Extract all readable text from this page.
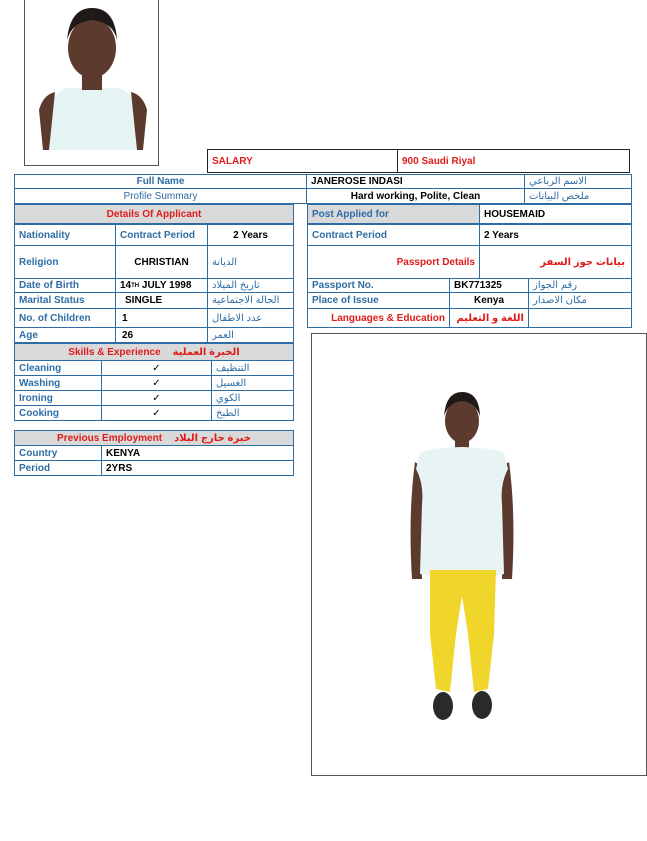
SALARY	900 Saudi Riyal
Full Name	JANEROSE INDASI	الاسم الرباعي
Profile Summary	Hard working, Polite, Clean	ملخص البيانات
Details Of Applicant
Nationality	Contract Period	2 Years
Religion	CHRISTIAN	الديانة
Date of Birth	14 TH JULY 1998	تاريخ الميلاد
Marital Status	SINGLE	الحالة الاجتماعية
No. of Children	1	عدد الاطفال
Age	26	العمر
Post Applied for	HOUSEMAID
Contract Period	2 Years
Passport Details	بيانات جوز السفر
Passport No.	BK771325	رقم الجواز
Place of Issue	Kenya	مكان الاصدار
Languages & Education	اللغة و التعليم
Skills & Experience الخبرة العملية
Cleaning	✓	التنظيف
Washing	✓	الغسيل
Ironing	✓	الكوي
Cooking	✓	الطبخ
Previous Employment خبرة خارج البلاد
Country	KENYA
Period	2YRS
